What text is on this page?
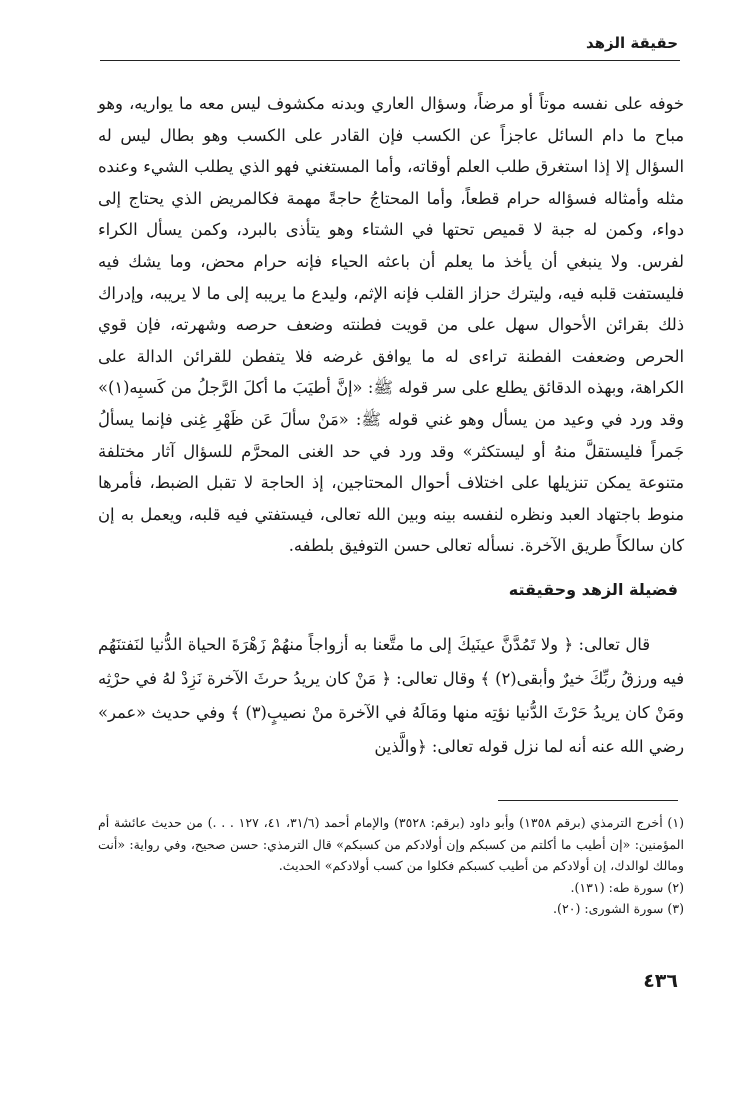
حقيقة الزهد

خوفه على نفسه موتاً أو مرضاً، وسؤال العاري وبدنه مكشوف ليس معه ما يواريه، وهو مباح ما دام السائل عاجزاً عن الكسب فإن القادر على الكسب وهو بطال ليس له السؤال إلا إذا استغرق طلب العلم أوقاته، وأما المستغني فهو الذي يطلب الشيء وعنده مثله وأمثاله فسؤاله حرام قطعاً، وأما المحتاجُ حاجةً مهمة فكالمريض الذي يحتاج إلى دواء، وكمن له جبة لا قميص تحتها في الشتاء وهو يتأذى بالبرد، وكمن يسأل الكراء لفرس. ولا ينبغي أن يأخذ ما يعلم أن باعثه الحياء فإنه حرام محض، وما يشك فيه فليستفت قلبه فيه، وليترك حزاز القلب فإنه الإثم، وليدع ما يريبه إلى ما لا يريبه، وإدراك ذلك بقرائن الأحوال سهل على من قويت فطنته وضعف حرصه وشهرته، فإن قوي الحرص وضعفت الفطنة تراءى له ما يوافق غرضه فلا يتفطن للقرائن الدالة على الكراهة، وبهذه الدقائق يطلع على سر قوله ﷺ: «إنَّ أطيَبَ ما أكلَ الرَّجلُ من كَسبِه(١)» وقد ورد في وعيد من يسأل وهو غني قوله ﷺ: «مَنْ سألَ عَن ظَهْرِ غِنى فإنما يسألُ جَمراً فليستقلَّ منهُ أو ليستكثر» وقد ورد في حد الغنى المحرَّم للسؤال آثار مختلفة متنوعة يمكن تنزيلها على اختلاف أحوال المحتاجين، إذ الحاجة لا تقبل الضبط، فأمرها منوط باجتهاد العبد ونظره لنفسه بينه وبين الله تعالى، فيستفتي فيه قلبه، ويعمل به إن كان سالكاً طريق الآخرة. نسأله تعالى حسن التوفيق بلطفه.

فضيلة الزهد وحقيقته

قال تعالى: ﴿ ولا تَمُدَّنَّ عينَيكَ إلى ما متَّعنا به أزواجاً منهُمْ زَهْرَةَ الحياة الدُّنيا لنَفتنَهُم فيه ورزقُ ربِّكَ خيرٌ وأبقى(٢) ﴾ وقال تعالى: ﴿ مَنْ كان يريدُ حرثَ الآخرة نَزِدْ لهُ في حرْثِه ومَنْ كان يريدُ حَرْثَ الدُّنيا نؤتِه منها ومَالَهُ في الآخرة منْ نصيبٍ(٣) ﴾ وفي حديث «عمر» رضي الله عنه أنه لما نزل قوله تعالى: ﴿والَّذين

(١) أخرج الترمذي (برقم ١٣٥٨) وأبو داود (برقم: ٣٥٢٨) والإمام أحمد (٣١/٦، ٤١، ١٢٧ . . .) من حديث عائشة أم المؤمنين: «إن أطيب ما أكلتم من كسبكم وإن أولادكم من كسبكم» قال الترمذي: حسن صحيح، وفي رواية: «أنت ومالك لوالدك، إن أولادكم من أطيب كسبكم فكلوا من كسب أولادكم» الحديث.

(٢) سورة طه: (١٣١).

(٣) سورة الشورى: (٢٠).

٤٣٦
